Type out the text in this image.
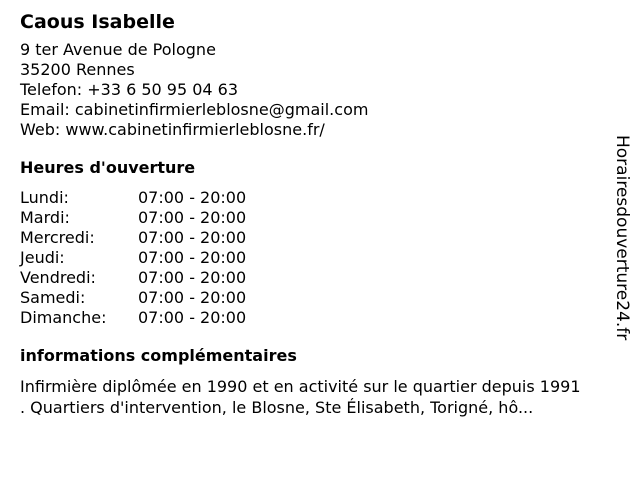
Caous Isabelle
9 ter Avenue de Pologne
35200 Rennes
Telefon: +33 6 50 95 04 63
Email: cabinetinfirmierleblosne@gmail.com
Web: www.cabinetinfirmierleblosne.fr/
Heures d'ouverture
Lundi:	07:00 - 20:00
Mardi:	07:00 - 20:00
Mercredi:	07:00 - 20:00
Jeudi:	07:00 - 20:00
Vendredi:	07:00 - 20:00
Samedi:	07:00 - 20:00
Dimanche:	07:00 - 20:00
informations complémentaires
Infirmière diplômée en 1990 et en activité sur le quartier depuis 1991
. Quartiers d'intervention, le Blosne, Ste Élisabeth, Torigné, hô...
Horairesdouverture24.fr
